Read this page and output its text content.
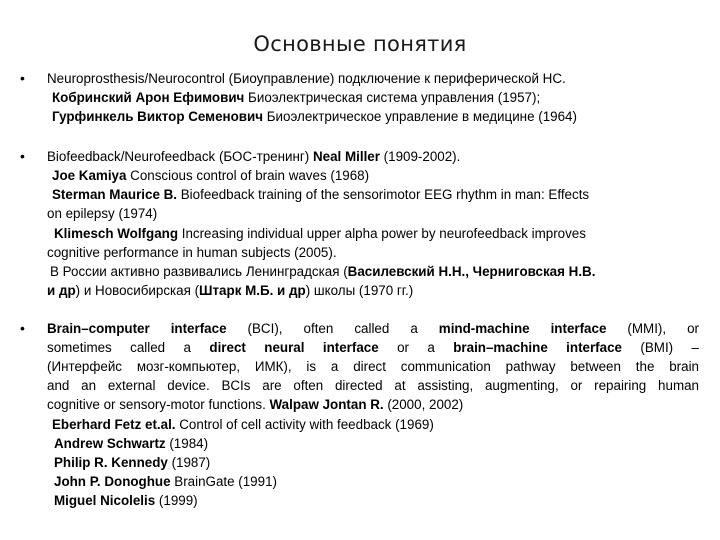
Основные понятия
• Neuroprosthesis/Neurocontrol (Биоуправление) подключение к периферической НС.
Кобринский Арон Ефимович Биоэлектрическая система управления (1957);
Гурфинкель Виктор Семенович Биоэлектрическое управление в медицине (1964)
• Biofeedback/Neurofeedback (БОС-тренинг) Neal Miller (1909-2002).
Joe Kamiya Conscious control of brain waves (1968)
Sterman Maurice B. Biofeedback training of the sensorimotor EEG rhythm in man: Effects
on epilepsy (1974)
Klimesch Wolfgang Increasing individual upper alpha power by neurofeedback improves
cognitive performance in human subjects (2005).
В России активно развивались Ленинградская (Василевский Н.Н., Черниговская Н.В.
и др) и Новосибирская (Штарк М.Б. и др) школы (1970 гг.)
• Brain–computer interface (BCI), often called a mind-machine interface (MMI), or
sometimes called a direct neural interface or a brain–machine interface (BMI) –
(Интерфейс мозг-компьютер, ИМК), is a direct communication pathway between the brain
and an external device. BCIs are often directed at assisting, augmenting, or repairing human
cognitive or sensory-motor functions. Walpaw Jontan R. (2000, 2002)
Eberhard Fetz et.al. Control of cell activity with feedback (1969)
Andrew Schwartz (1984)
Philip R. Kennedy (1987)
John P. Donoghue BrainGate (1991)
Miguel Nicolelis (1999)
